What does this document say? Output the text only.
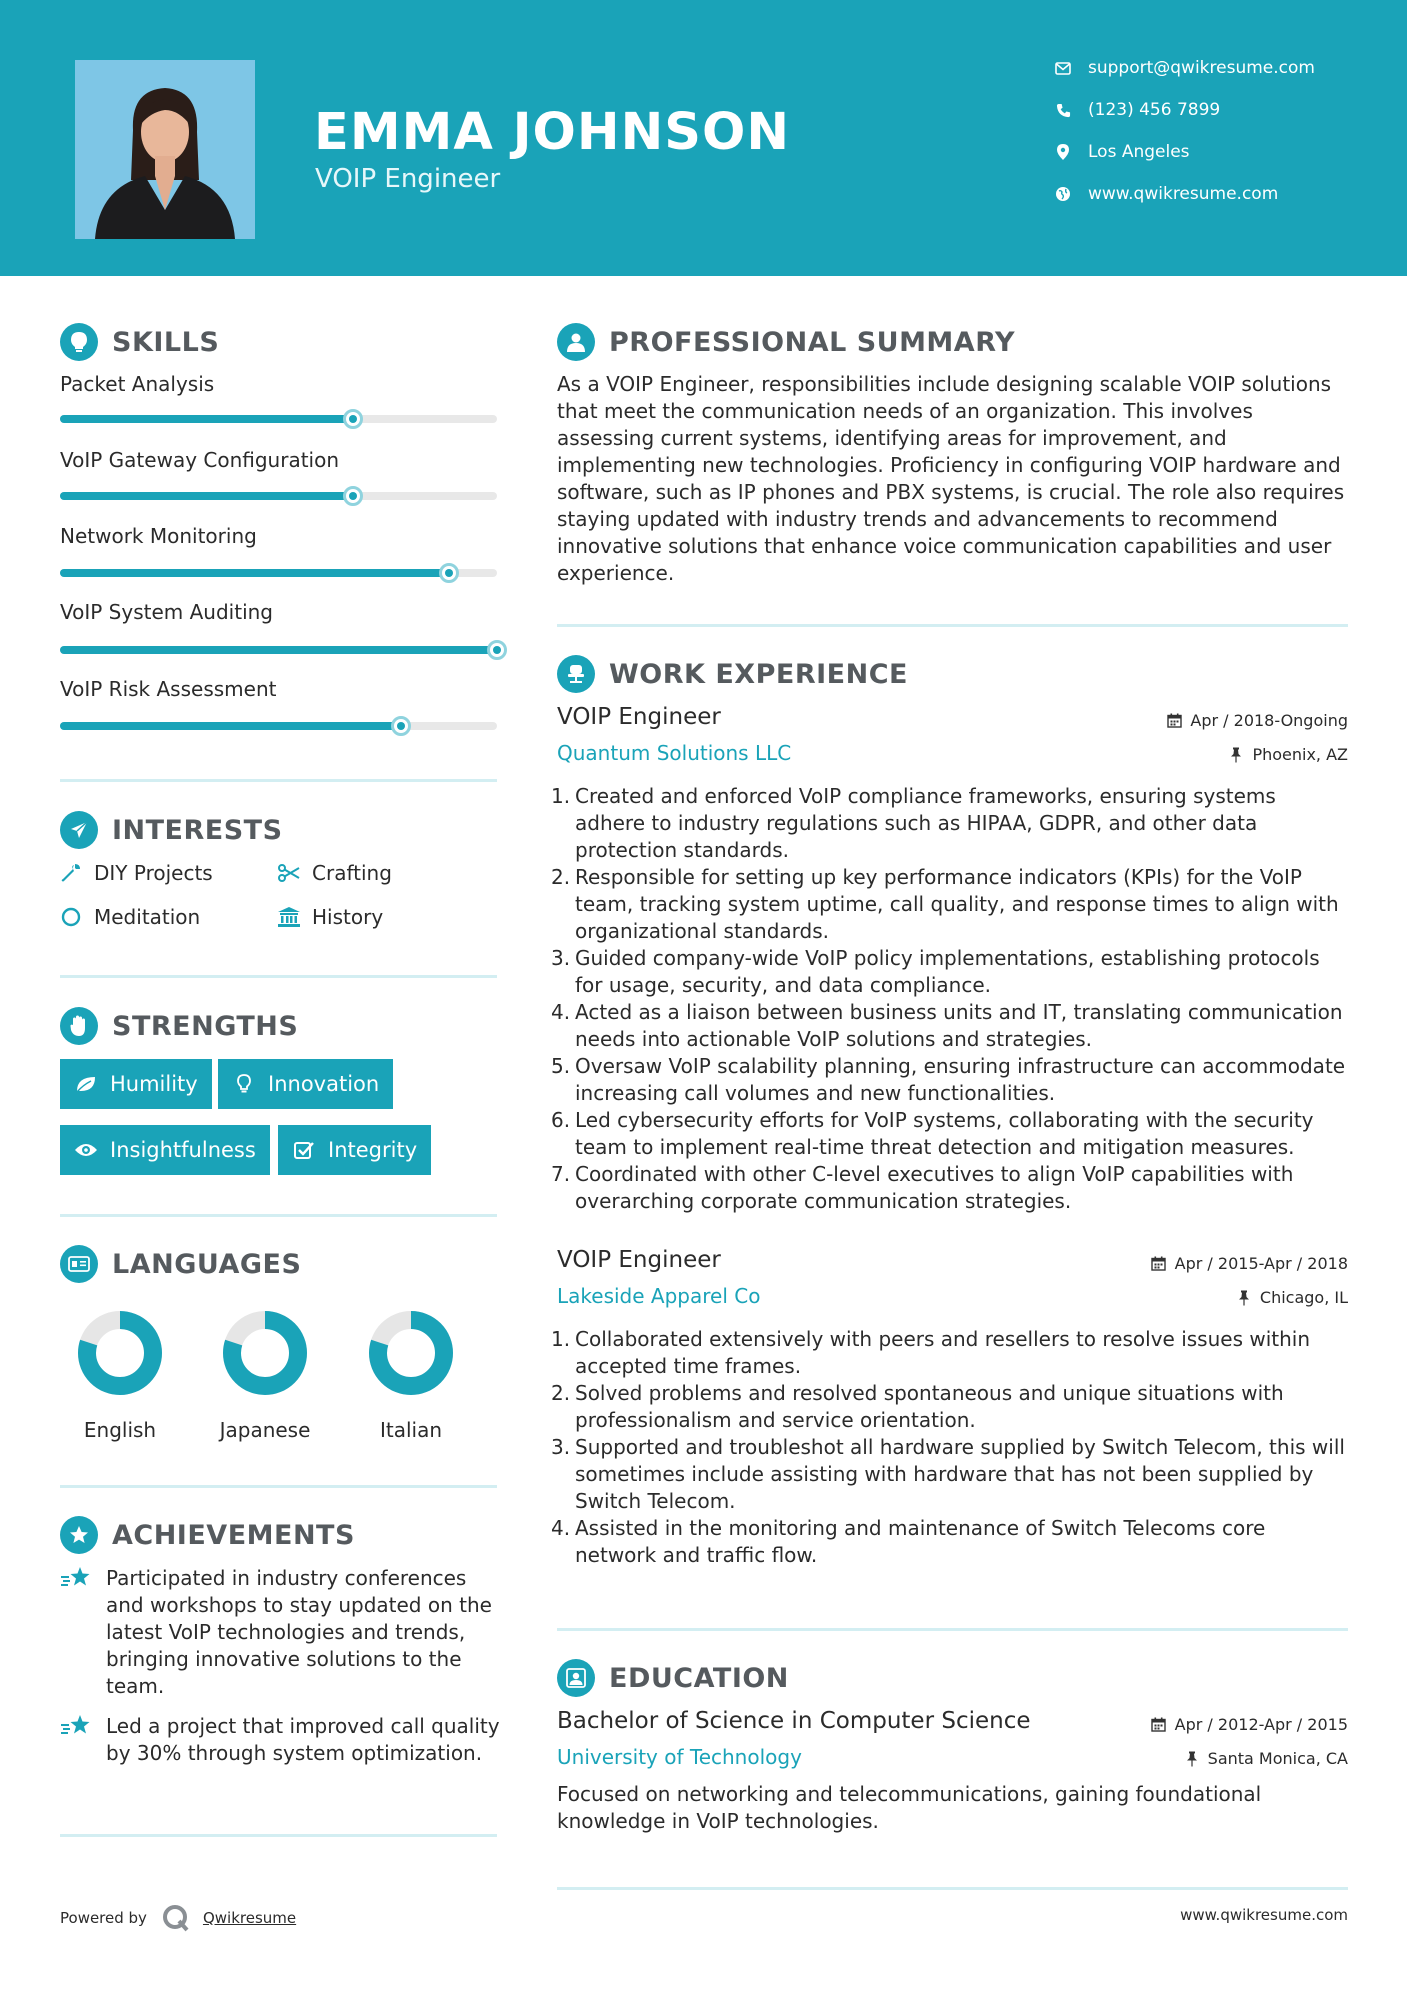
EMMA JOHNSON
VOIP Engineer
support@qwikresume.com
(123) 456 7899
Los Angeles
www.qwikresume.com
SKILLS
Packet Analysis
VoIP Gateway Configuration
Network Monitoring
VoIP System Auditing
VoIP Risk Assessment
INTERESTS
DIY Projects	Crafting
Meditation	History
STRENGTHS
Humility	Innovation
Insightfulness	Integrity
LANGUAGES
English	Japanese	Italian
ACHIEVEMENTS
Participated in industry conferences and workshops to stay updated on the latest VoIP technologies and trends, bringing innovative solutions to the team.
Led a project that improved call quality by 30% through system optimization.
PROFESSIONAL SUMMARY
As a VOIP Engineer, responsibilities include designing scalable VOIP solutions that meet the communication needs of an organization. This involves assessing current systems, identifying areas for improvement, and implementing new technologies. Proficiency in configuring VOIP hardware and software, such as IP phones and PBX systems, is crucial. The role also requires staying updated with industry trends and advancements to recommend innovative solutions that enhance voice communication capabilities and user experience.
WORK EXPERIENCE
VOIP Engineer	Apr / 2018-Ongoing
Quantum Solutions LLC	Phoenix, AZ
1. Created and enforced VoIP compliance frameworks, ensuring systems adhere to industry regulations such as HIPAA, GDPR, and other data protection standards.
2. Responsible for setting up key performance indicators (KPIs) for the VoIP team, tracking system uptime, call quality, and response times to align with organizational standards.
3. Guided company-wide VoIP policy implementations, establishing protocols for usage, security, and data compliance.
4. Acted as a liaison between business units and IT, translating communication needs into actionable VoIP solutions and strategies.
5. Oversaw VoIP scalability planning, ensuring infrastructure can accommodate increasing call volumes and new functionalities.
6. Led cybersecurity efforts for VoIP systems, collaborating with the security team to implement real-time threat detection and mitigation measures.
7. Coordinated with other C-level executives to align VoIP capabilities with overarching corporate communication strategies.
VOIP Engineer	Apr / 2015-Apr / 2018
Lakeside Apparel Co	Chicago, IL
1. Collaborated extensively with peers and resellers to resolve issues within accepted time frames.
2. Solved problems and resolved spontaneous and unique situations with professionalism and service orientation.
3. Supported and troubleshot all hardware supplied by Switch Telecom, this will sometimes include assisting with hardware that has not been supplied by Switch Telecom.
4. Assisted in the monitoring and maintenance of Switch Telecoms core network and traffic flow.
EDUCATION
Bachelor of Science in Computer Science	Apr / 2012-Apr / 2015
University of Technology	Santa Monica, CA
Focused on networking and telecommunications, gaining foundational knowledge in VoIP technologies.
Powered by	Qwikresume	www.qwikresume.com
